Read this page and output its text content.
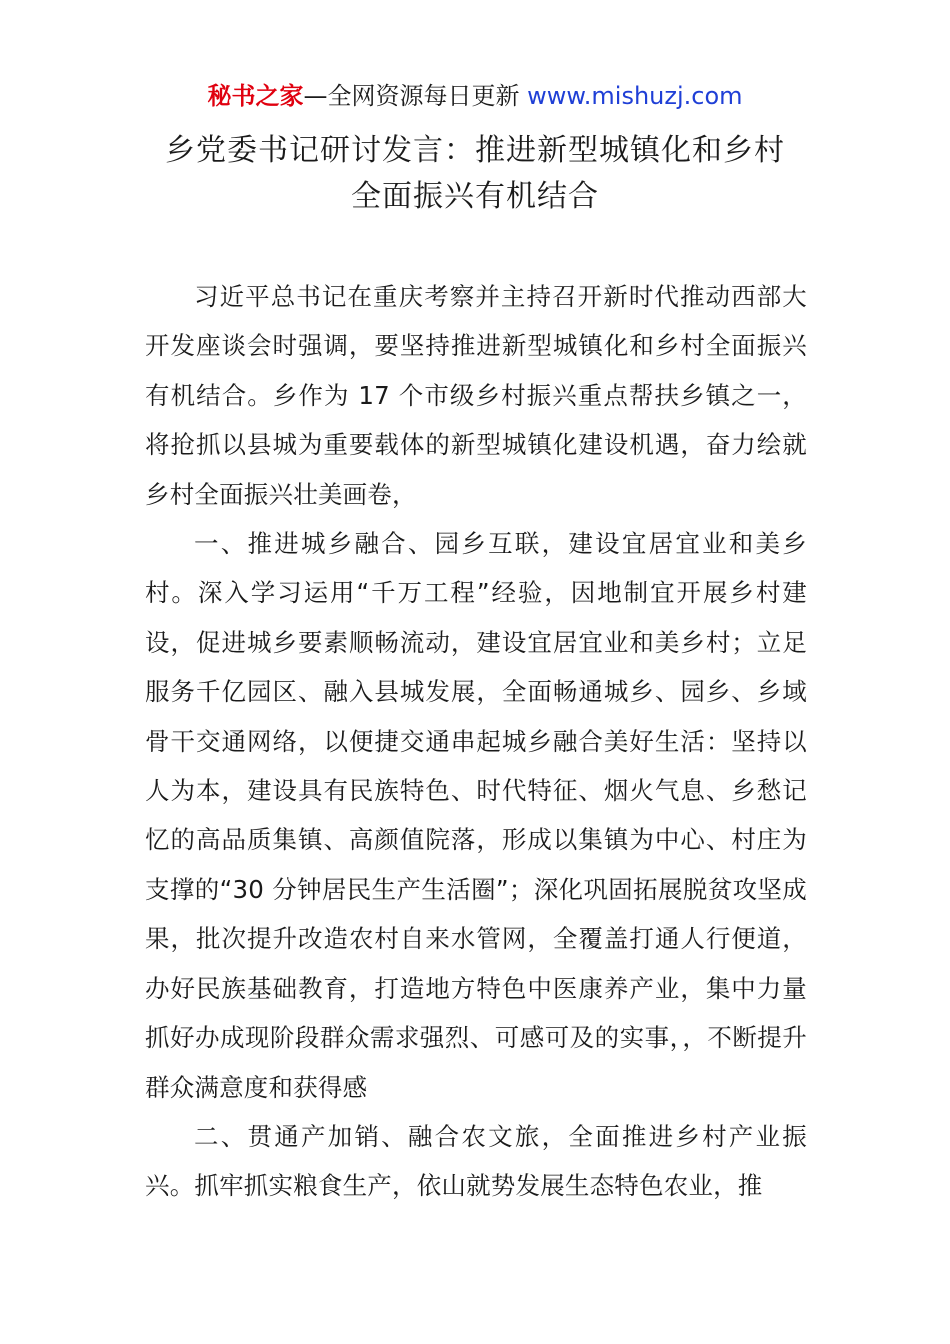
秘书之家—全网资源每日更新 www.mishuzj.com
乡党委书记研讨发言：推进新型城镇化和乡村
全面振兴有机结合

习近平总书记在重庆考察并主持召开新时代推动西部大开发座谈会时强调，要坚持推进新型城镇化和乡村全面振兴有机结合。乡作为 17 个市级乡村振兴重点帮扶乡镇之一，将抢抓以县城为重要载体的新型城镇化建设机遇，奋力绘就乡村全面振兴壮美画卷，

一、推进城乡融合、园乡互联，建设宜居宜业和美乡村。深入学习运用“千万工程”经验，因地制宜开展乡村建设，促进城乡要素顺畅流动，建设宜居宜业和美乡村；立足服务千亿园区、融入县城发展，全面畅通城乡、园乡、乡域骨干交通网络，以便捷交通串起城乡融合美好生活：坚持以人为本，建设具有民族特色、时代特征、烟火气息、乡愁记忆的高品质集镇、高颜值院落，形成以集镇为中心、村庄为支撑的“30 分钟居民生产生活圈”；深化巩固拓展脱贫攻坚成果，批次提升改造农村自来水管网，全覆盖打通人行便道，办好民族基础教育，打造地方特色中医康养产业，集中力量抓好办成现阶段群众需求强烈、可感可及的实事，，不断提升群众满意度和获得感

二、贯通产加销、融合农文旅，全面推进乡村产业振兴。抓牢抓实粮食生产，依山就势发展生态特色农业，推
